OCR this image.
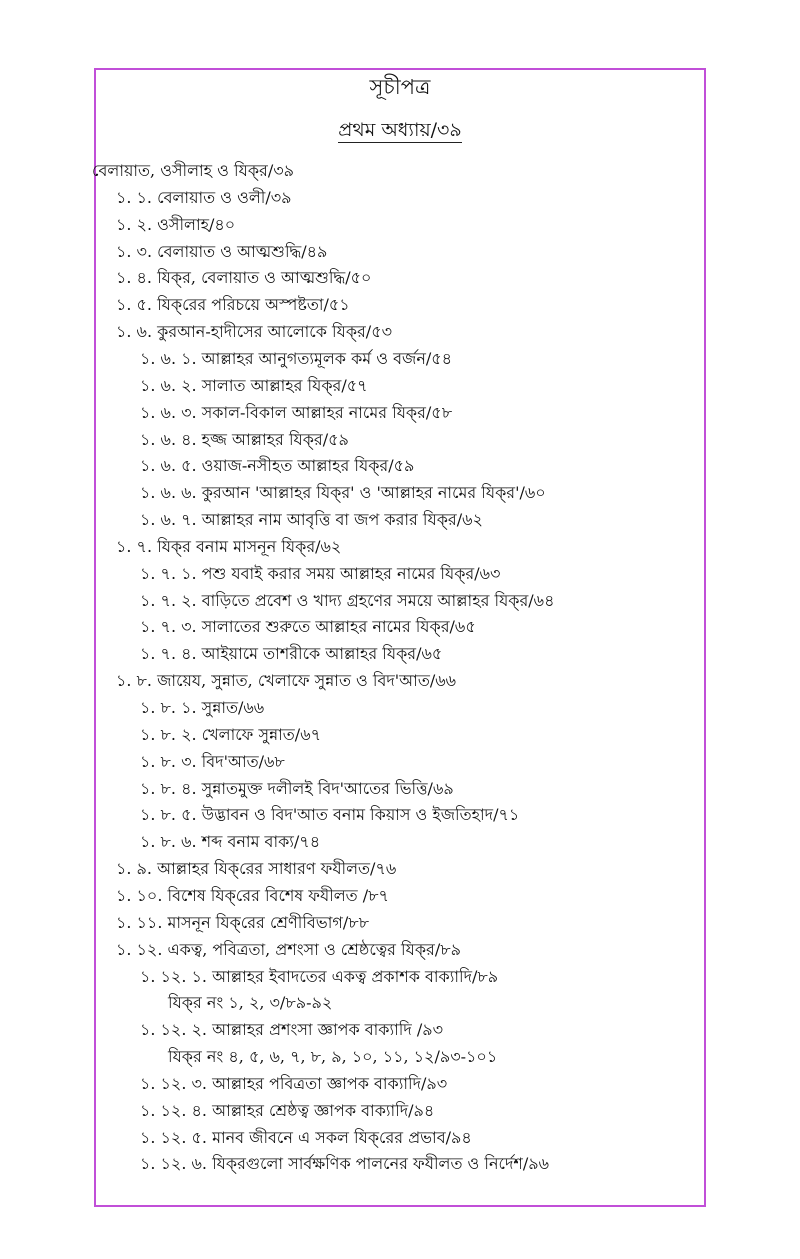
সূচীপত্র
প্রথম অধ্যায়/৩৯
বেলায়াত, ওসীলাহ ও যিক্‌র/৩৯
১. ১. বেলায়াত ও ওলী/৩৯
১. ২. ওসীলাহ/৪০
১. ৩. বেলায়াত ও আত্মশুদ্ধি/৪৯
১. ৪. যিক্‌র, বেলায়াত ও আত্মশুদ্ধি/৫০
১. ৫. যিক্‌রের পরিচয়ে অস্পষ্টতা/৫১
১. ৬. কুরআন-হাদীসের আলোকে যিক্‌র/৫৩
১. ৬. ১. আল্লাহর আনুগত্যমূলক কর্ম ও বর্জন/৫৪
১. ৬. ২. সালাত আল্লাহর যিক্‌র/৫৭
১. ৬. ৩. সকাল-বিকাল আল্লাহর নামের যিক্‌র/৫৮
১. ৬. ৪. হজ্জ আল্লাহর যিক্‌র/৫৯
১. ৬. ৫. ওয়াজ-নসীহত আল্লাহর যিক্‌র/৫৯
১. ৬. ৬. কুরআন 'আল্লাহর যিক্‌র' ও 'আল্লাহর নামের যিক্‌র'/৬০
১. ৬. ৭. আল্লাহর নাম আবৃত্তি বা জপ করার যিক্‌র/৬২
১. ৭. যিক্‌র বনাম মাসনূন যিক্‌র/৬২
১. ৭. ১. পশু যবাই করার সময় আল্লাহর নামের যিক্‌র/৬৩
১. ৭. ২. বাড়িতে প্রবেশ ও খাদ্য গ্রহণের সময়ে আল্লাহর যিক্‌র/৬৪
১. ৭. ৩. সালাতের শুরুতে আল্লাহর নামের যিক্‌র/৬৫
১. ৭. ৪. আইয়ামে তাশরীকে আল্লাহর যিক্‌র/৬৫
১. ৮. জায়েয, সুন্নাত, খেলাফে সুন্নাত ও বিদ'আত/৬৬
১. ৮. ১. সুন্নাত/৬৬
১. ৮. ২. খেলাফে সুন্নাত/৬৭
১. ৮. ৩. বিদ'আত/৬৮
১. ৮. ৪. সুন্নাতমুক্ত দলীলই বিদ'আতের ভিত্তি/৬৯
১. ৮. ৫. উদ্ভাবন ও বিদ'আত বনাম কিয়াস ও ইজতিহাদ/৭১
১. ৮. ৬. শব্দ বনাম বাক্য/৭৪
১. ৯. আল্লাহর যিক্‌রের সাধারণ ফযীলত/৭৬
১. ১০. বিশেষ যিক্‌রের বিশেষ ফযীলত /৮৭
১. ১১. মাসনূন যিক্‌রের শ্রেণীবিভাগ/৮৮
১. ১২. একত্ব, পবিত্রতা, প্রশংসা ও শ্রেষ্ঠত্বের যিক্‌র/৮৯
১. ১২. ১. আল্লাহর ইবাদতের একত্ব প্রকাশক বাক্যাদি/৮৯
যিক্‌র নং ১, ২, ৩/৮৯-৯২
১. ১২. ২. আল্লাহর প্রশংসা জ্ঞাপক বাক্যাদি /৯৩
যিক্‌র নং ৪, ৫, ৬, ৭, ৮, ৯, ১০, ১১, ১২/৯৩-১০১
১. ১২. ৩. আল্লাহর পবিত্রতা জ্ঞাপক বাক্যাদি/৯৩
১. ১২. ৪. আল্লাহর শ্রেষ্ঠত্ব জ্ঞাপক বাক্যাদি/৯৪
১. ১২. ৫. মানব জীবনে এ সকল যিক্‌রের প্রভাব/৯৪
১. ১২. ৬. যিক্‌রগুলো সার্বক্ষণিক পালনের ফযীলত ও নির্দেশ/৯৬
